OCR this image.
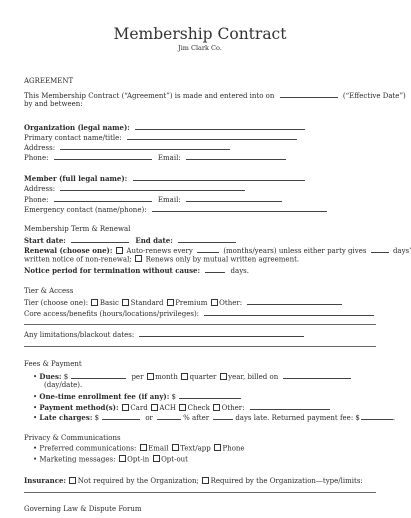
Membership Contract
Jim Clark Co.
AGREEMENT
This Membership Contract (“Agreement”) is made and entered into on	(“Effective Date”)
by and between:
Organization (legal name):
Primary contact name/title:
Address:
Phone:	Email:
Member (full legal name):
Address:
Phone:	Email:
Emergency contact (name/phone):
Membership Term & Renewal
Start date:	End date:
Renewal (choose one): Auto-renews every	(months/years) unless either party gives	days’
written notice of non-renewal; Renews only by mutual written agreement.
Notice period for termination without cause:	days.
Tier & Access
Tier (choose one): Basic Standard Premium Other:
Core access/benefits (hours/locations/privileges):
Any limitations/blackout dates:
Fees & Payment
• Dues: $	per month quarter year, billed on
(day/date).
• One-time enrollment fee (if any): $
• Payment method(s): Card ACH Check Other:
• Late charges: $	or	% after	days late. Returned payment fee: $	.
Privacy & Communications
• Preferred communications: Email Text/app Phone
• Marketing messages: Opt-in Opt-out
Insurance: Not required by the Organization; Required by the Organization—type/limits:
Governing Law & Dispute Forum
